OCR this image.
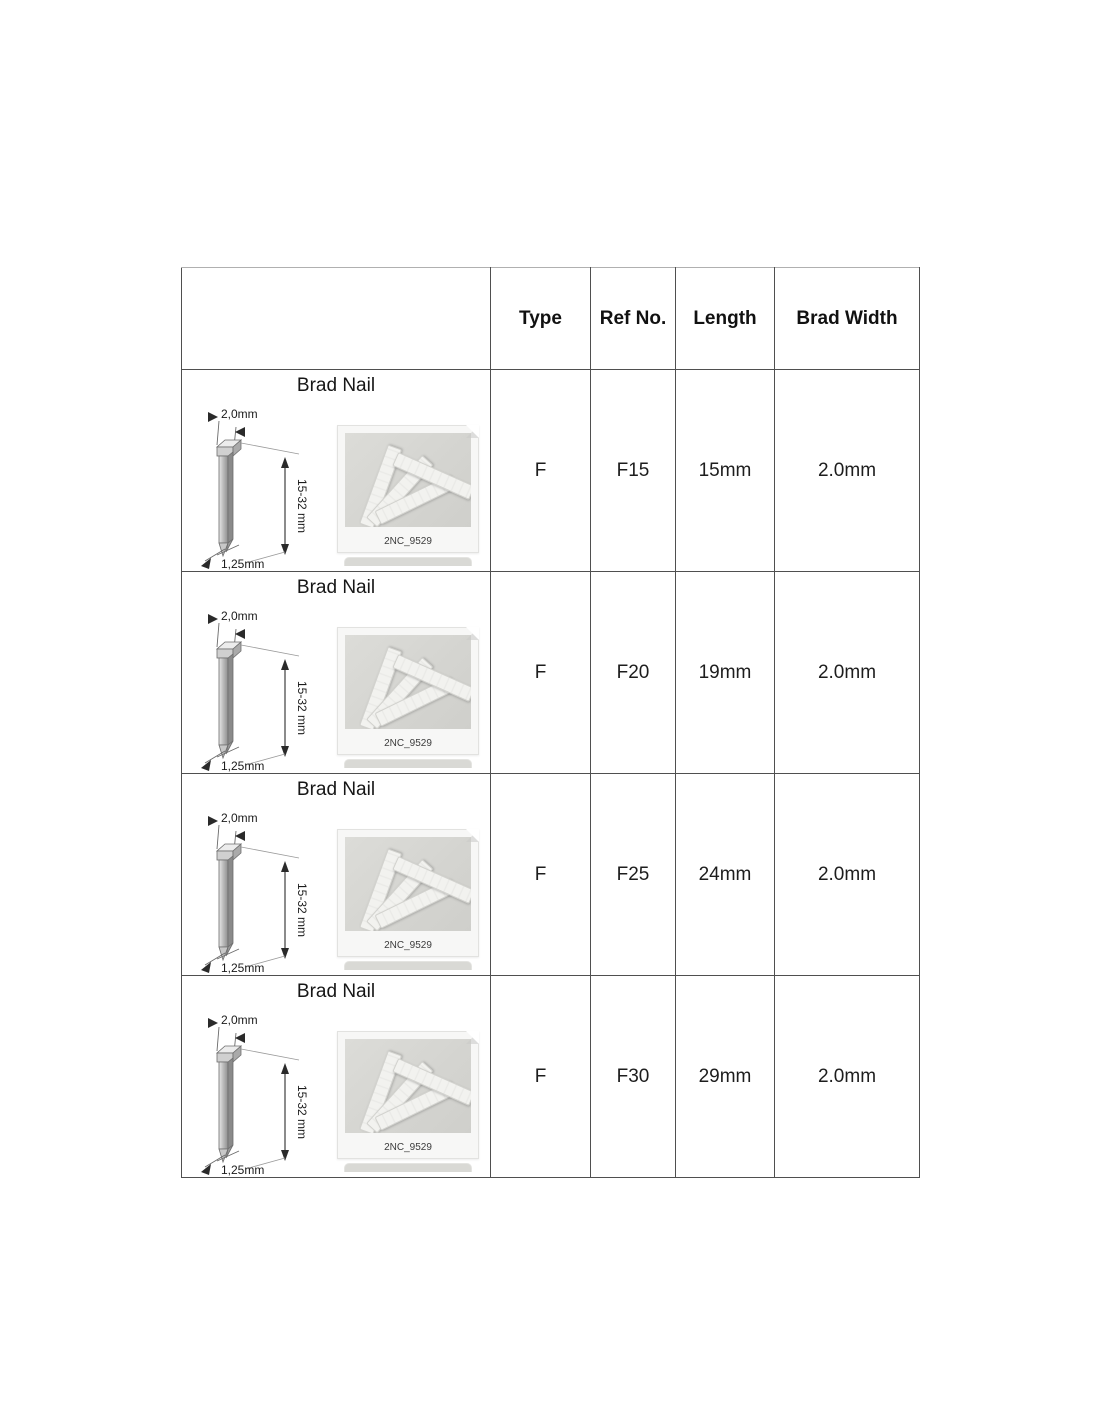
	Type	Ref No.	Length	Brad Width

Brad Nail
2,0mm
15-32 mm
1,25mm
2NC_9529	F	F15	15mm	2.0mm

Brad Nail
2,0mm
15-32 mm
1,25mm
2NC_9529	F	F20	19mm	2.0mm

Brad Nail
2,0mm
15-32 mm
1,25mm
2NC_9529	F	F25	24mm	2.0mm

Brad Nail
2,0mm
15-32 mm
1,25mm
2NC_9529	F	F30	29mm	2.0mm
